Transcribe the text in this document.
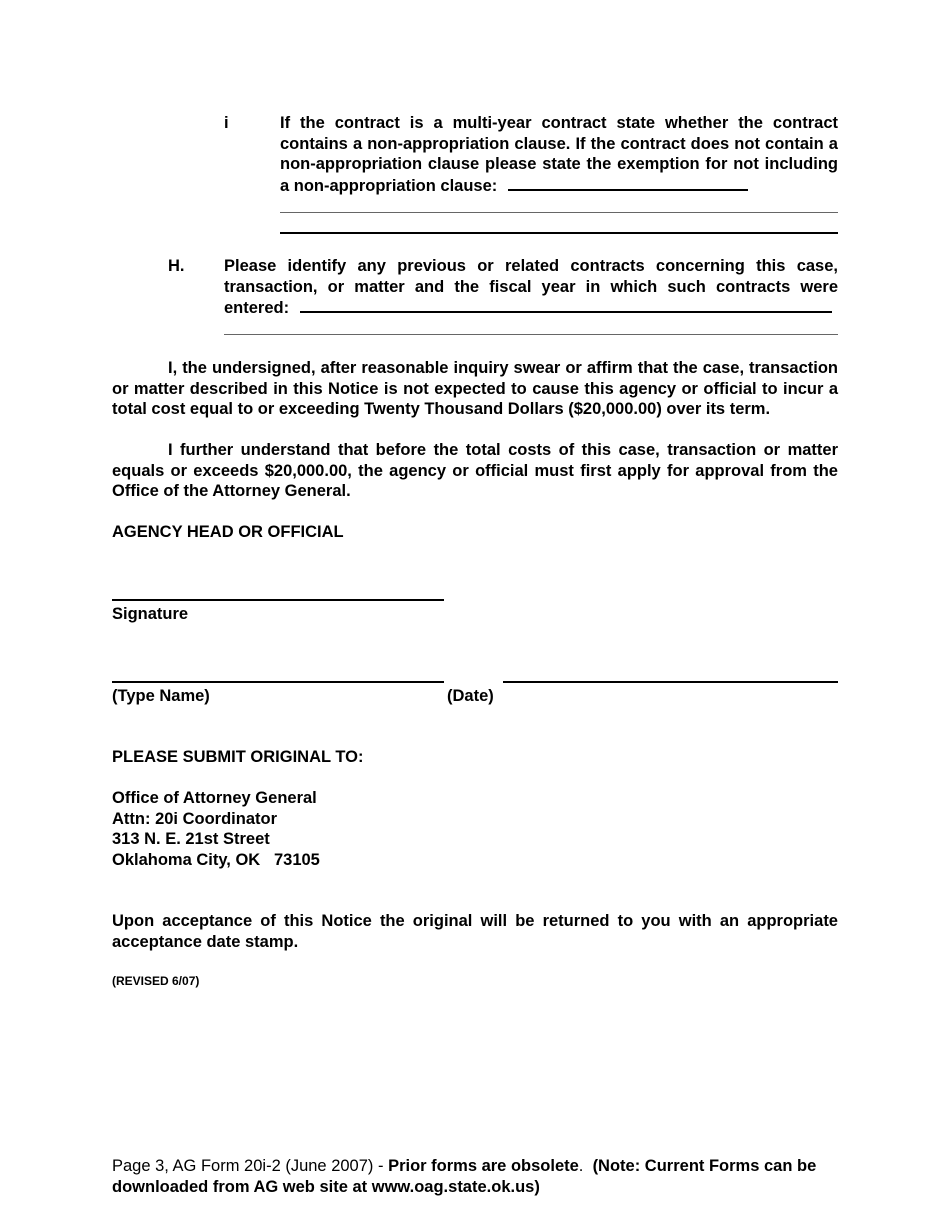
i	If the contract is a multi-year contract state whether the contract contains a non-appropriation clause. If the contract does not contain a non-appropriation clause please state the exemption for not including a non-appropriation clause:
H. Please identify any previous or related contracts concerning this case, transaction, or matter and the fiscal year in which such contracts were entered:
I, the undersigned, after reasonable inquiry swear or affirm that the case, transaction or matter described in this Notice is not expected to cause this agency or official to incur a total cost equal to or exceeding Twenty Thousand Dollars ($20,000.00) over its term.
I further understand that before the total costs of this case, transaction or matter equals or exceeds $20,000.00, the agency or official must first apply for approval from the Office of the Attorney General.
AGENCY HEAD OR OFFICIAL
Signature
(Type Name)	(Date)
PLEASE SUBMIT ORIGINAL TO:
Office of Attorney General
Attn: 20i Coordinator
313 N. E. 21st Street
Oklahoma City, OK   73105
Upon acceptance of this Notice the original will be returned to you with an appropriate acceptance date stamp.
(REVISED 6/07)
Page 3, AG Form 20i-2 (June 2007) - Prior forms are obsolete.  (Note: Current Forms can be downloaded from AG web site at www.oag.state.ok.us)
